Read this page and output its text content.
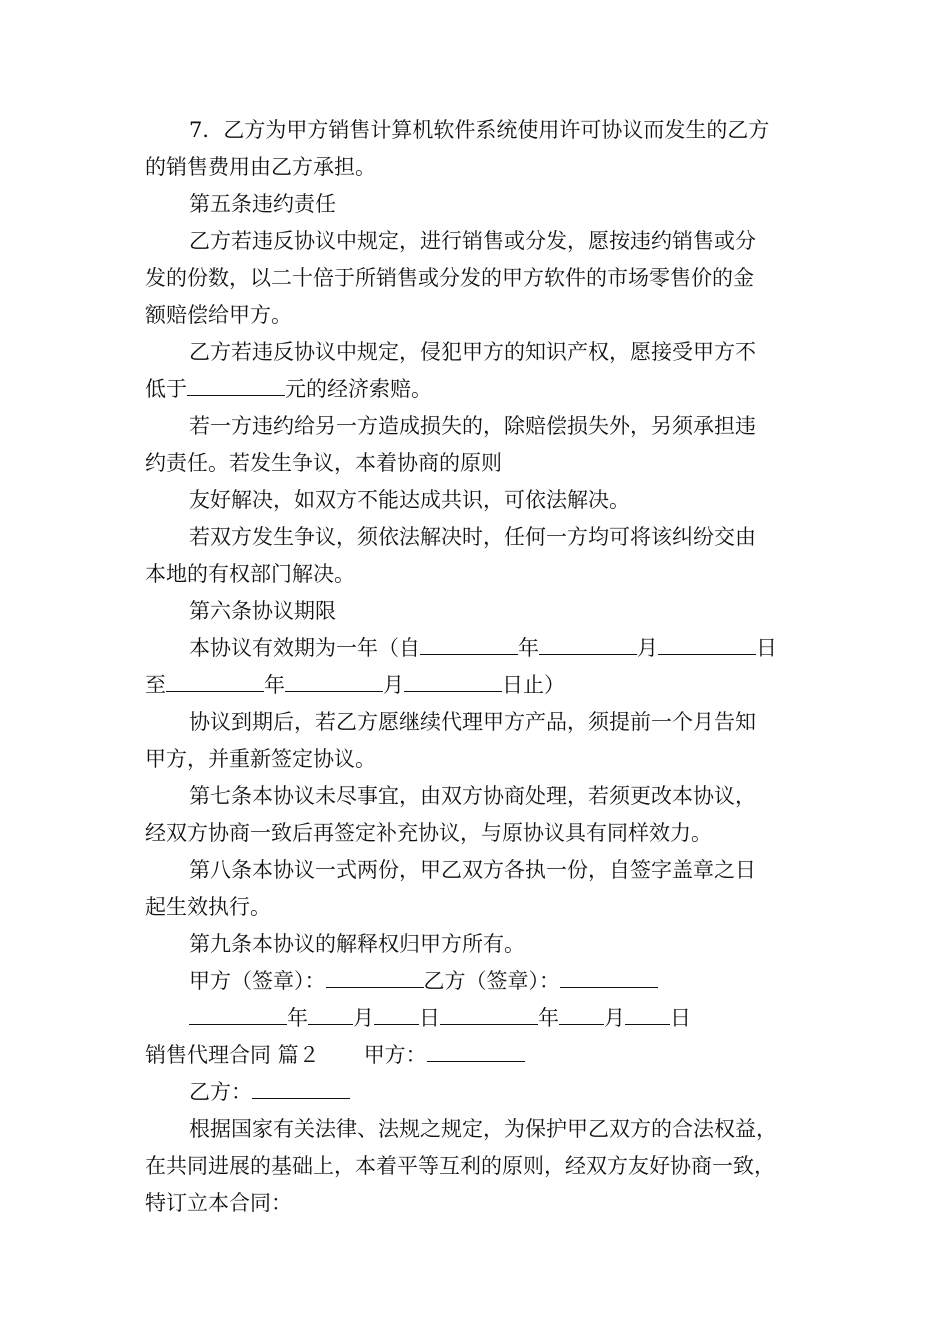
7．乙方为甲方销售计算机软件系统使用许可协议而发生的乙方

的销售费用由乙方承担。

第五条违约责任

乙方若违反协议中规定，进行销售或分发，愿按违约销售或分

发的份数，以二十倍于所销售或分发的甲方软件的市场零售价的金

额赔偿给甲方。

乙方若违反协议中规定，侵犯甲方的知识产权，愿接受甲方不

低于	元的经济索赔。

若一方违约给另一方造成损失的，除赔偿损失外，另须承担违

约责任。若发生争议，本着协商的原则

友好解决，如双方不能达成共识，可依法解决。

若双方发生争议，须依法解决时，任何一方均可将该纠纷交由

本地的有权部门解决。

第六条协议期限

本协议有效期为一年（自	年	月	日

至	年	月	日止）

协议到期后，若乙方愿继续代理甲方产品，须提前一个月告知

甲方，并重新签定协议。

第七条本协议未尽事宜，由双方协商处理，若须更改本协议，

经双方协商一致后再签定补充协议，与原协议具有同样效力。

第八条本协议一式两份，甲乙双方各执一份，自签字盖章之日

起生效执行。

第九条本协议的解释权归甲方所有。

甲方（签章）：	乙方（签章）：

年 月 日	年 月 日

销售代理合同 篇２ 甲方：

乙方：

根据国家有关法律、法规之规定，为保护甲乙双方的合法权益，

在共同进展的基础上，本着平等互利的原则，经双方友好协商一致，

特订立本合同：
